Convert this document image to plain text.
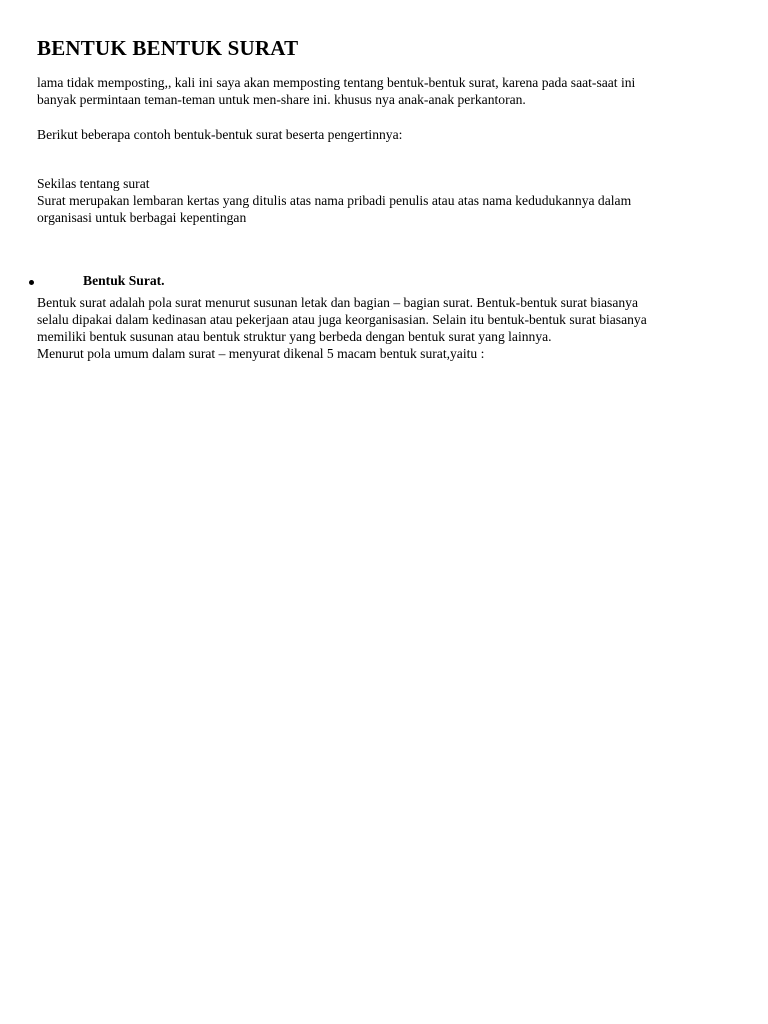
BENTUK BENTUK SURAT

lama tidak memposting,, kali ini saya akan memposting tentang bentuk-bentuk surat, karena pada saat-saat ini
banyak permintaan teman-teman untuk men-share ini. khusus nya anak-anak perkantoran.

Berikut beberapa contoh bentuk-bentuk surat beserta pengertinnya:

Sekilas tentang surat
Surat merupakan lembaran kertas yang ditulis atas nama pribadi penulis atau atas nama kedudukannya dalam
organisasi untuk berbagai kepentingan

Bentuk Surat.

Bentuk surat adalah pola surat menurut susunan letak dan bagian – bagian surat. Bentuk-bentuk surat biasanya
selalu dipakai dalam kedinasan atau pekerjaan atau juga keorganisasian. Selain itu bentuk-bentuk surat biasanya
memiliki bentuk susunan atau bentuk struktur yang berbeda dengan bentuk surat yang lainnya.
Menurut pola umum dalam surat – menyurat dikenal 5 macam bentuk surat,yaitu :
